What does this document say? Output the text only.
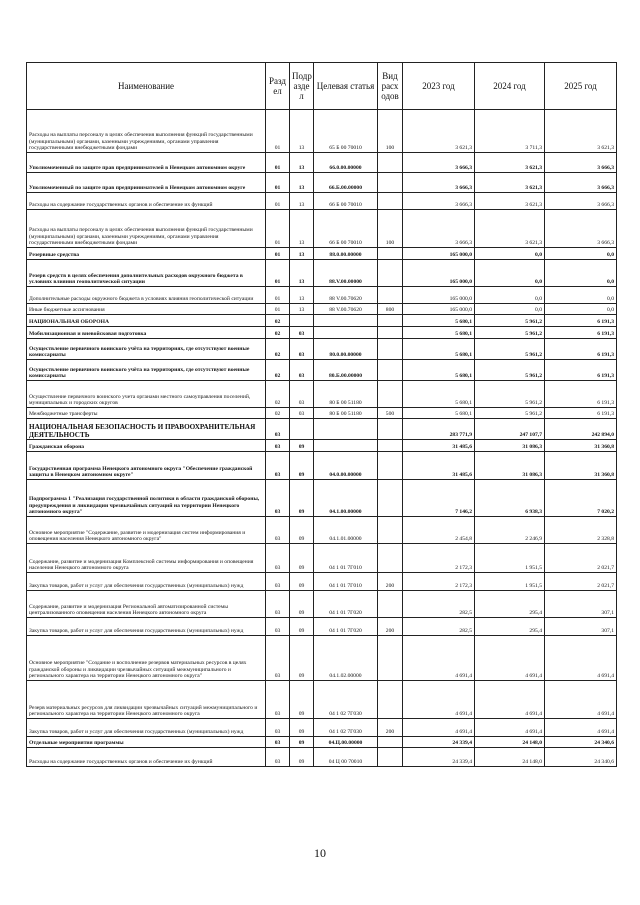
Наименование	Разд ел	Подр азде л	Целевая статья	Вид расх одов	2023 год	2024 год	2025 год
Расходы на выплаты персоналу в целях обеспечения выполнения функций государственными (муниципальными) органами, казенными учреждениями, органами управления государственными внебюджетными фондами	01	13	65 Б 00 70010	100	3 621,3	3 711,3	3 621,3
Уполномоченный по защите прав предпринимателей в Ненецком автономном округе	01	13	66.0.00.00000		3 666,3	3 621,3	3 666,3
Уполномоченный по защите прав предпринимателей в Ненецком автономном округе	01	13	66.Б.00.00000		3 666,3	3 621,3	3 666,3
Расходы на содержание государственных органов и обеспечение их функций	01	13	66 Б 00 70010		3 666,3	3 621,3	3 666,3
Расходы на выплаты персоналу в целях обеспечения выполнения функций государственными (муниципальными) органами, казенными учреждениями, органами управления государственными внебюджетными фондами	01	13	66 Б 00 70010	100	3 666,3	3 621,3	3 666,3
Резервные средства	01	13	88.0.00.00000		165 000,0	0,0	0,0
Резерв средств в целях обеспечения дополнительных расходов окружного бюджета в условиях влияния геополитической ситуации	01	13	88.V.00.00000		165 000,0	0,0	0,0
Дополнительные расходы окружного бюджета в условиях влияния геополитической ситуации	01	13	88 V.00.70620		165 000,0	0,0	0,0
Иные бюджетные ассигнования	01	13	88 V.00.70620	800	165 000,0	0,0	0,0
НАЦИОНАЛЬНАЯ ОБОРОНА	02				5 680,1	5 961,2	6 191,3
Мобилизационная и вневойсковая подготовка	02	03			5 680,1	5 961,2	6 191,3
Осуществление первичного воинского учёта на территориях, где отсутствуют военные комиссариаты	02	03	80.0.00.00000		5 680,1	5 961,2	6 191,3
Осуществление первичного воинского учёта на территориях, где отсутствуют военные комиссариаты	02	03	80.Б.00.00000		5 680,1	5 961,2	6 191,3
Осуществление первичного воинского учета органами местного самоуправления поселений, муниципальных и городских округов	02	03	80 Б 00 51180		5 680,1	5 961,2	6 191,3
Межбюджетные трансферты	02	03	80 Б 00 51180	500	5 680,1	5 961,2	6 191,3
НАЦИОНАЛЬНАЯ БЕЗОПАСНОСТЬ И ПРАВООХРАНИТЕЛЬНАЯ ДЕЯТЕЛЬНОСТЬ	03				283 771,9	247 107,7	242 894,0
Гражданская оборона	03	09			31 485,6	31 086,3	31 360,8
Государственная программа Ненецкого автономного округа "Обеспечение гражданской защиты в Ненецком автономном округе"	03	09	04.0.00.00000		31 485,6	31 086,3	31 360,8
Подпрограмма 1 "Реализация государственной политики в области гражданской обороны, предупреждения и ликвидации чрезвычайных ситуаций на территории Ненецкого автономного округа"	03	09	04.1.00.00000		7 146,2	6 938,3	7 020,2
Основное мероприятие "Содержание, развитие и модернизация систем информирования и оповещения населения Ненецкого автономного округа"	03	09	04.1.01.00000		2 454,8	2 246,9	2 328,8
Содержание, развитие и модернизация Комплексной системы информирования и оповещения населения Ненецкого автономного округа	03	09	04 1 01 7Г010		2 172,3	1 951,5	2 021,7
Закупка товаров, работ и услуг для обеспечения государственных (муниципальных) нужд	03	09	04 1 01 7Г010	200	2 172,3	1 951,5	2 021,7
Содержание, развитие и модернизация Региональной автоматизированной системы централизованного оповещения населения Ненецкого автономного округа	03	09	04 1 01 7Г020		282,5	295,4	307,1
Закупка товаров, работ и услуг для обеспечения государственных (муниципальных) нужд	03	09	04 1 01 7Г020	200	282,5	295,4	307,1
Основное мероприятие "Создание и восполнение резервов материальных ресурсов в целях гражданской обороны и ликвидации чрезвычайных ситуаций межмуниципального и регионального характера на территории Ненецкого автономного округа"	03	09	04.1.02.00000		4 691,4	4 691,4	4 691,4
Резерв материальных ресурсов для ликвидации чрезвычайных ситуаций межмуниципального и регионального характера на территории Ненецкого автономного округа	03	09	04 1 02 7Г030		4 691,4	4 691,4	4 691,4
Закупка товаров, работ и услуг для обеспечения государственных (муниципальных) нужд	03	09	04 1 02 7Г030	200	4 691,4	4 691,4	4 691,4
Отдельные мероприятия программы	03	09	04.Ц.00.00000		24 339,4	24 148,0	24 340,6
Расходы на содержание государственных органов и обеспечение их функций	03	09	04 Ц 00 70010		24 339,4	24 148,0	24 340,6
10
